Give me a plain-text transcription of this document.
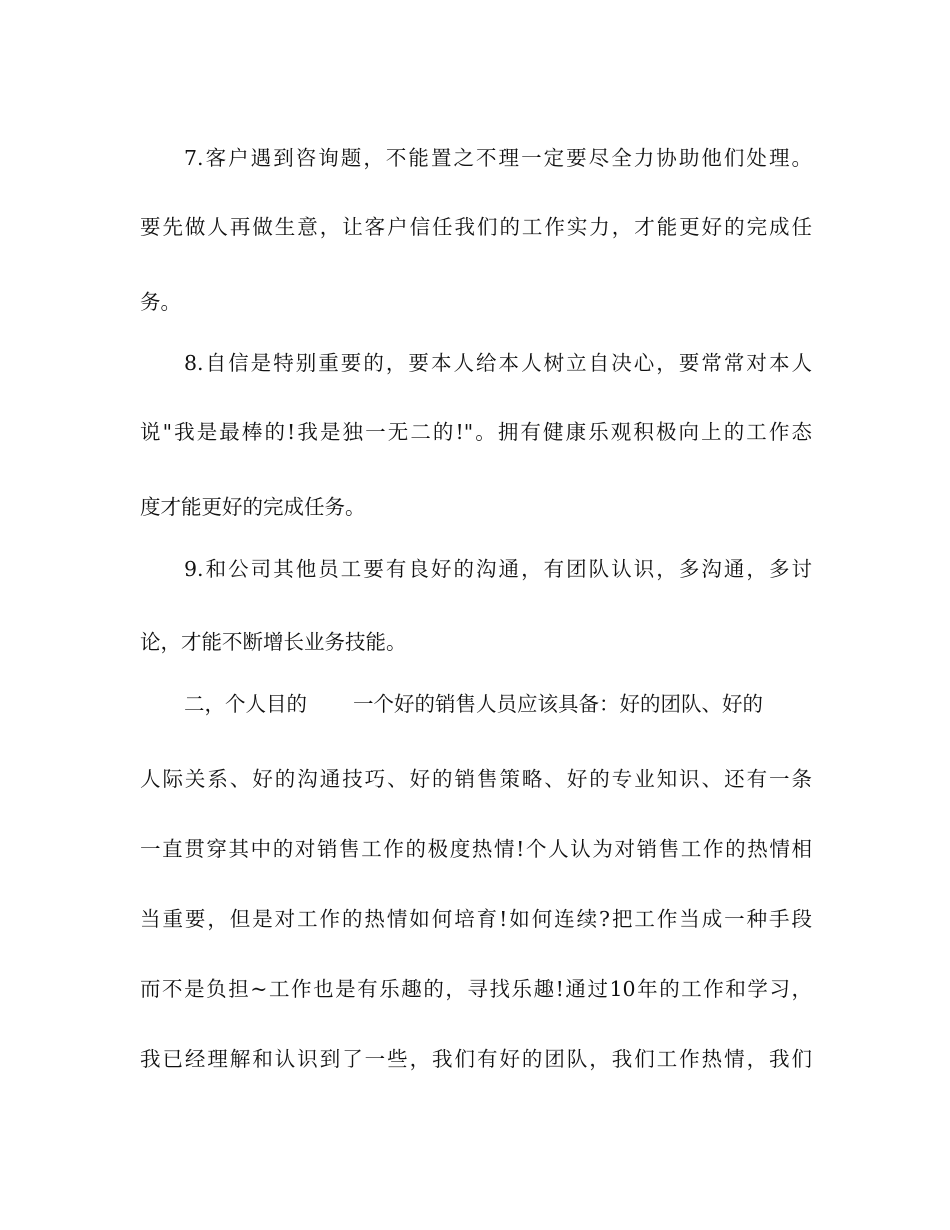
7.客户遇到咨询题，不能置之不理一定要尽全力协助他们处理。
要先做人再做生意，让客户信任我们的工作实力，才能更好的完成任
务。
8.自信是特别重要的，要本人给本人树立自决心，要常常对本人
说"我是最棒的!我是独一无二的!"。拥有健康乐观积极向上的工作态
度才能更好的完成任务。
9.和公司其他员工要有良好的沟通，有团队认识，多沟通，多讨
论，才能不断增长业务技能。
二，个人目的 一个好的销售人员应该具备：好的团队、好的
人际关系、好的沟通技巧、好的销售策略、好的专业知识、还有一条
一直贯穿其中的对销售工作的极度热情!个人认为对销售工作的热情相
当重要，但是对工作的热情如何培育!如何连续?把工作当成一种手段
而不是负担~工作也是有乐趣的，寻找乐趣!通过10年的工作和学习，
我已经理解和认识到了一些，我们有好的团队，我们工作热情，我们
